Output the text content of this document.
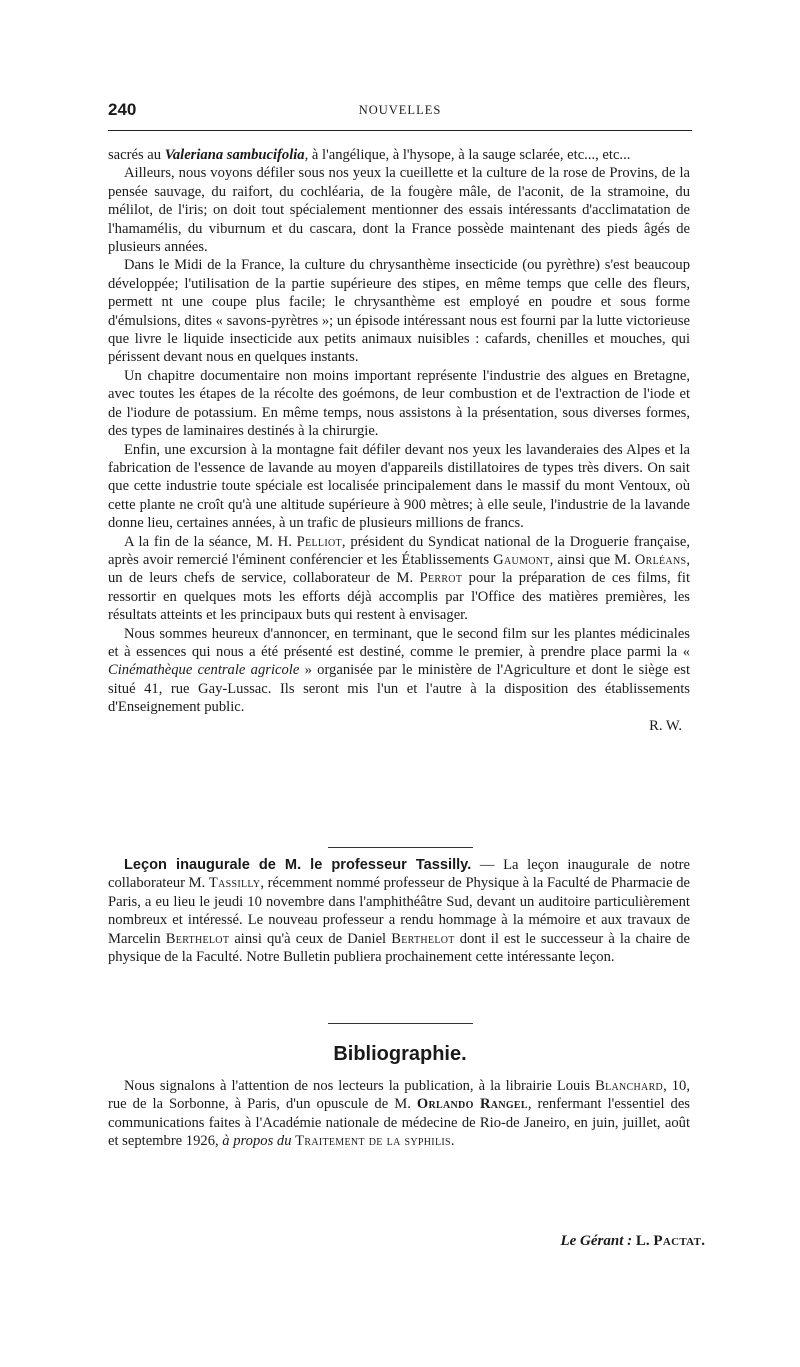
240	NOUVELLES

sacrés au Valeriana sambucifolia, à l'angélique, à l'hysope, à la sauge sclarée, etc..., etc...

Ailleurs, nous voyons défiler sous nos yeux la cueillette et la culture de la rose de Provins, de la pensée sauvage, du raifort, du cochléaria, de la fougère mâle, de l'aconit, de la stramoine, du mélilot, de l'iris; on doit tout spécialement mentionner des essais intéressants d'acclimatation de l'hamamélis, du viburnum et du cascara, dont la France possède maintenant des pieds âgés de plusieurs années.

Dans le Midi de la France, la culture du chrysanthème insecticide (ou pyrèthre) s'est beaucoup développée; l'utilisation de la partie supérieure des stipes, en même temps que celle des fleurs, permett nt une coupe plus facile; le chrysanthème est employé en poudre et sous forme d'émulsions, dites « savons-pyrètres »; un épisode intéressant nous est fourni par la lutte victorieuse que livre le liquide insecticide aux petits animaux nuisibles : cafards, chenilles et mouches, qui périssent devant nous en quelques instants.

Un chapitre documentaire non moins important représente l'industrie des algues en Bretagne, avec toutes les étapes de la récolte des goémons, de leur combustion et de l'extraction de l'iode et de l'iodure de potassium. En même temps, nous assistons à la présentation, sous diverses formes, des types de laminaires destinés à la chirurgie.

Enfin, une excursion à la montagne fait défiler devant nos yeux les lavanderaies des Alpes et la fabrication de l'essence de lavande au moyen d'appareils distillatoires de types très divers. On sait que cette industrie toute spéciale est localisée principalement dans le massif du mont Ventoux, où cette plante ne croît qu'à une altitude supérieure à 900 mètres; à elle seule, l'industrie de la lavande donne lieu, certaines années, à un trafic de plusieurs millions de francs.

A la fin de la séance, M. H. Pelliot, président du Syndicat national de la Droguerie française, après avoir remercié l'éminent conférencier et les Établissements Gaumont, ainsi que M. Orléans, un de leurs chefs de service, collaborateur de M. Perrot pour la préparation de ces films, fit ressortir en quelques mots les efforts déjà accomplis par l'Office des matières premières, les résultats atteints et les principaux buts qui restent à envisager.

Nous sommes heureux d'annoncer, en terminant, que le second film sur les plantes médicinales et à essences qui nous a été présenté est destiné, comme le premier, à prendre place parmi la « Cinémathèque centrale agricole » organisée par le ministère de l'Agriculture et dont le siège est situé 41, rue Gay-Lussac. Ils seront mis l'un et l'autre à la disposition des établissements d'Enseignement public.

R. W.

Leçon inaugurale de M. le professeur Tassilly. — La leçon inaugurale de notre collaborateur M. Tassilly, récemment nommé professeur de Physique à la Faculté de Pharmacie de Paris, a eu lieu le jeudi 10 novembre dans l'amphithéâtre Sud, devant un auditoire particulièrement nombreux et intéressé. Le nouveau professeur a rendu hommage à la mémoire et aux travaux de Marcelin Berthelot ainsi qu'à ceux de Daniel Berthelot dont il est le successeur à la chaire de physique de la Faculté. Notre Bulletin publiera prochainement cette intéressante leçon.

Bibliographie.

Nous signalons à l'attention de nos lecteurs la publication, à la librairie Louis Blanchard, 10, rue de la Sorbonne, à Paris, d'un opuscule de M. Orlando Rangel, renfermant l'essentiel des communications faites à l'Académie nationale de médecine de Rio-de Janeiro, en juin, juillet, août et septembre 1926, à propos du Traitement de la syphilis.

Le Gérant : L. Pactat.
